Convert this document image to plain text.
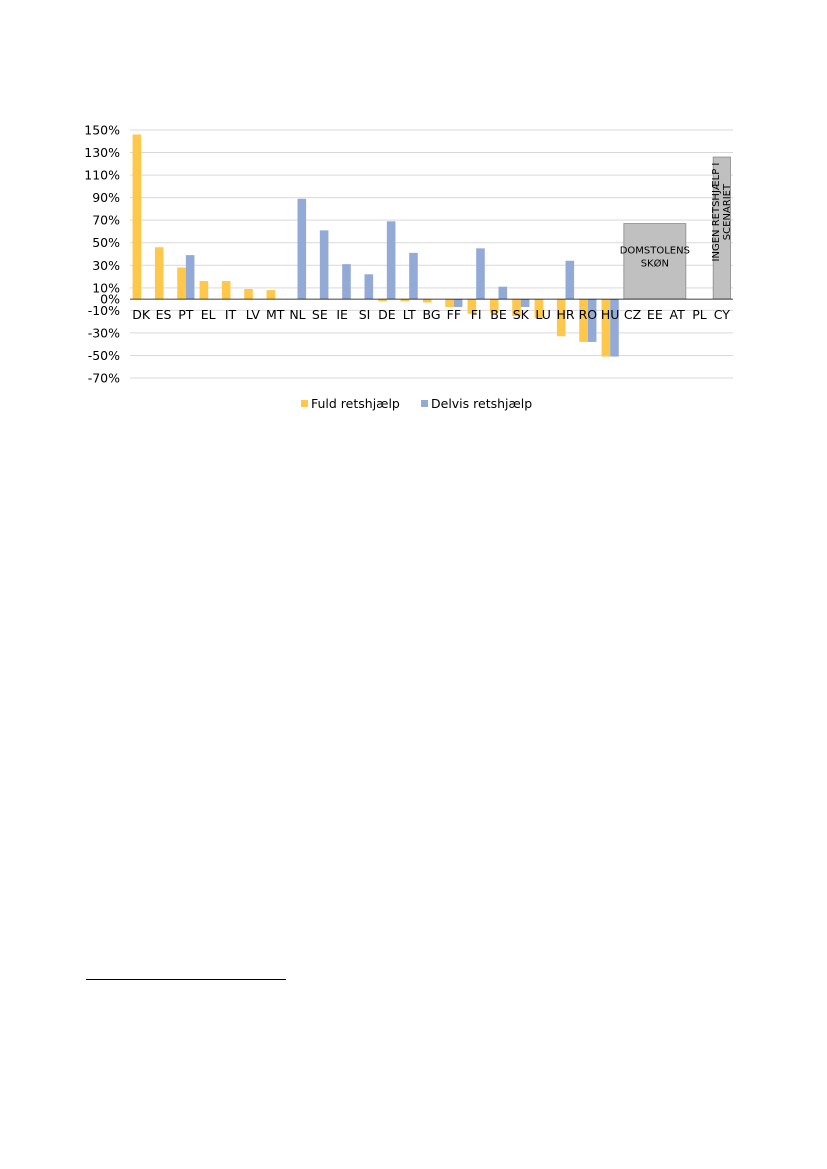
150%
130%
110%
90%
70%
50%
30%
10%
0%
-10%
-30%
-50%
-70%
DOMSTOLENS
SKØN
INGEN RETSHJÆLP ISCENARIET
DK ES PT EL IT LV MT NL SE IE SI DE LT BG FF FI BE SK LU HR RO HU CZ EE AT PL CY
Fuld retshjælp Delvis retshjælp
